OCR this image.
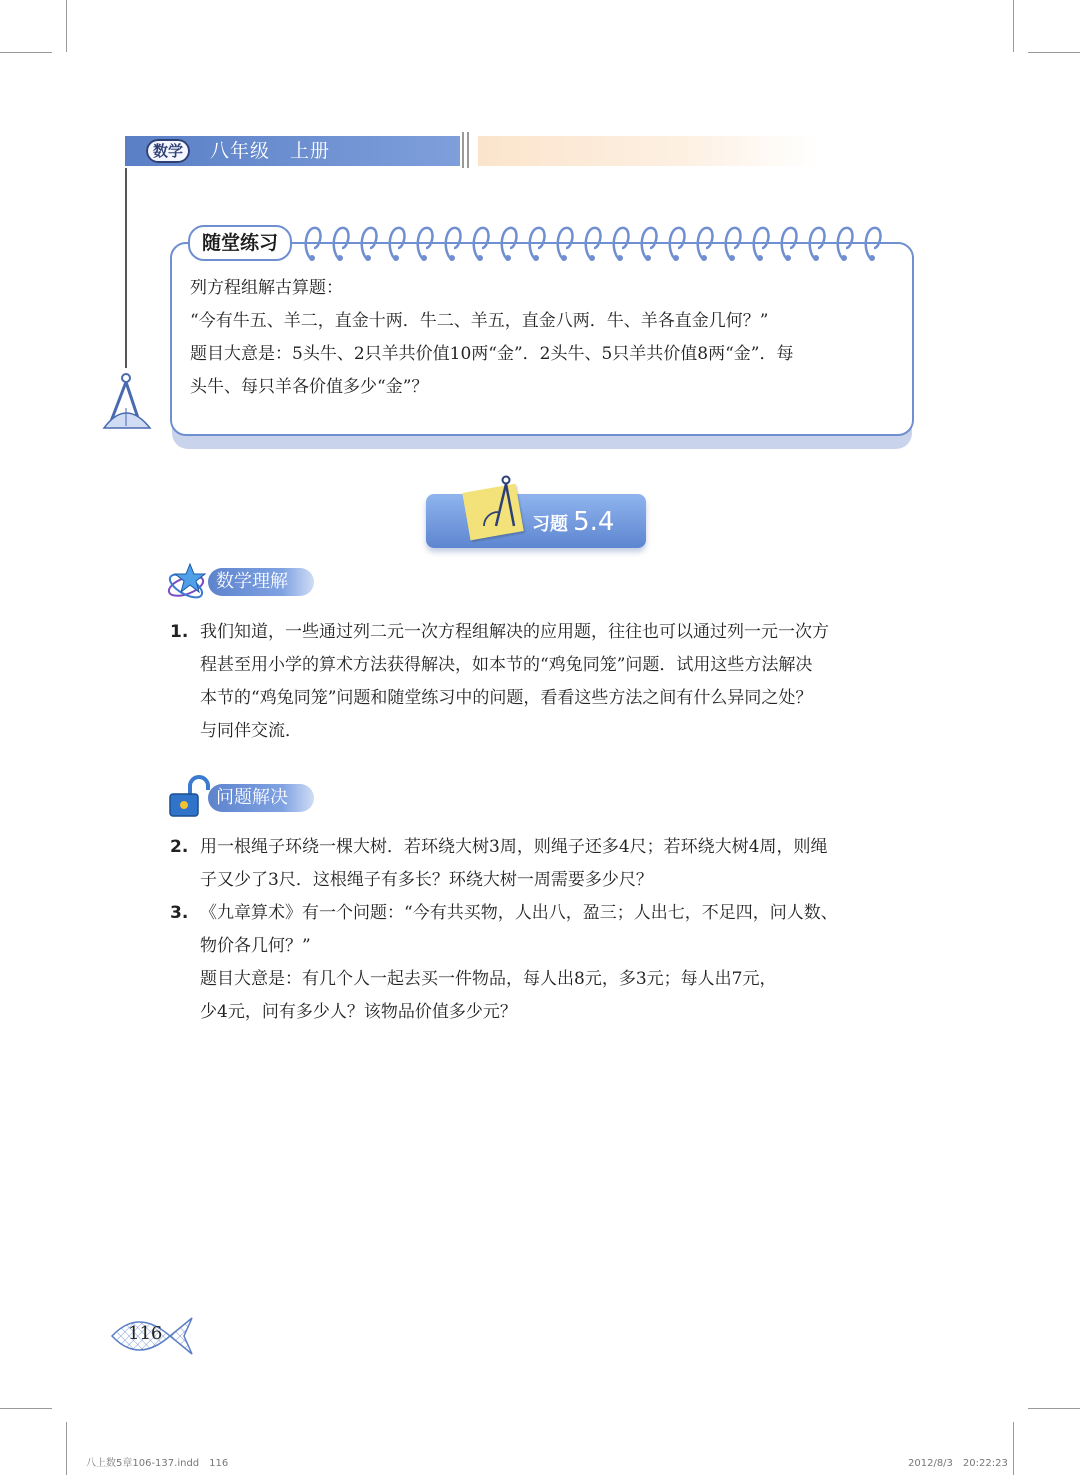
数学	八年级　上册
随堂练习
列方程组解古算题：
“今有牛五、羊二，直金十两．牛二、羊五，直金八两．牛、羊各直金几何？”
题目大意是：5头牛、2只羊共价值10两“金”．2头牛、5只羊共价值8两“金”．每
头牛、每只羊各价值多少“金”？
习题 5.4
数学理解
1. 我们知道，一些通过列二元一次方程组解决的应用题，往往也可以通过列一元一次方
程甚至用小学的算术方法获得解决，如本节的“鸡兔同笼”问题．试用这些方法解决
本节的“鸡兔同笼”问题和随堂练习中的问题，看看这些方法之间有什么异同之处？
与同伴交流．
问题解决
2. 用一根绳子环绕一棵大树．若环绕大树3周，则绳子还多4尺；若环绕大树4周，则绳
子又少了3尺．这根绳子有多长？环绕大树一周需要多少尺？
3. 《九章算术》有一个问题：“今有共买物，人出八，盈三；人出七，不足四，问人数、
物价各几何？”
题目大意是：有几个人一起去买一件物品，每人出8元，多3元；每人出7元，
少4元，问有多少人？该物品价值多少元？
116
八上数5章106-137.indd　116	2012/8/3　20:22:23
